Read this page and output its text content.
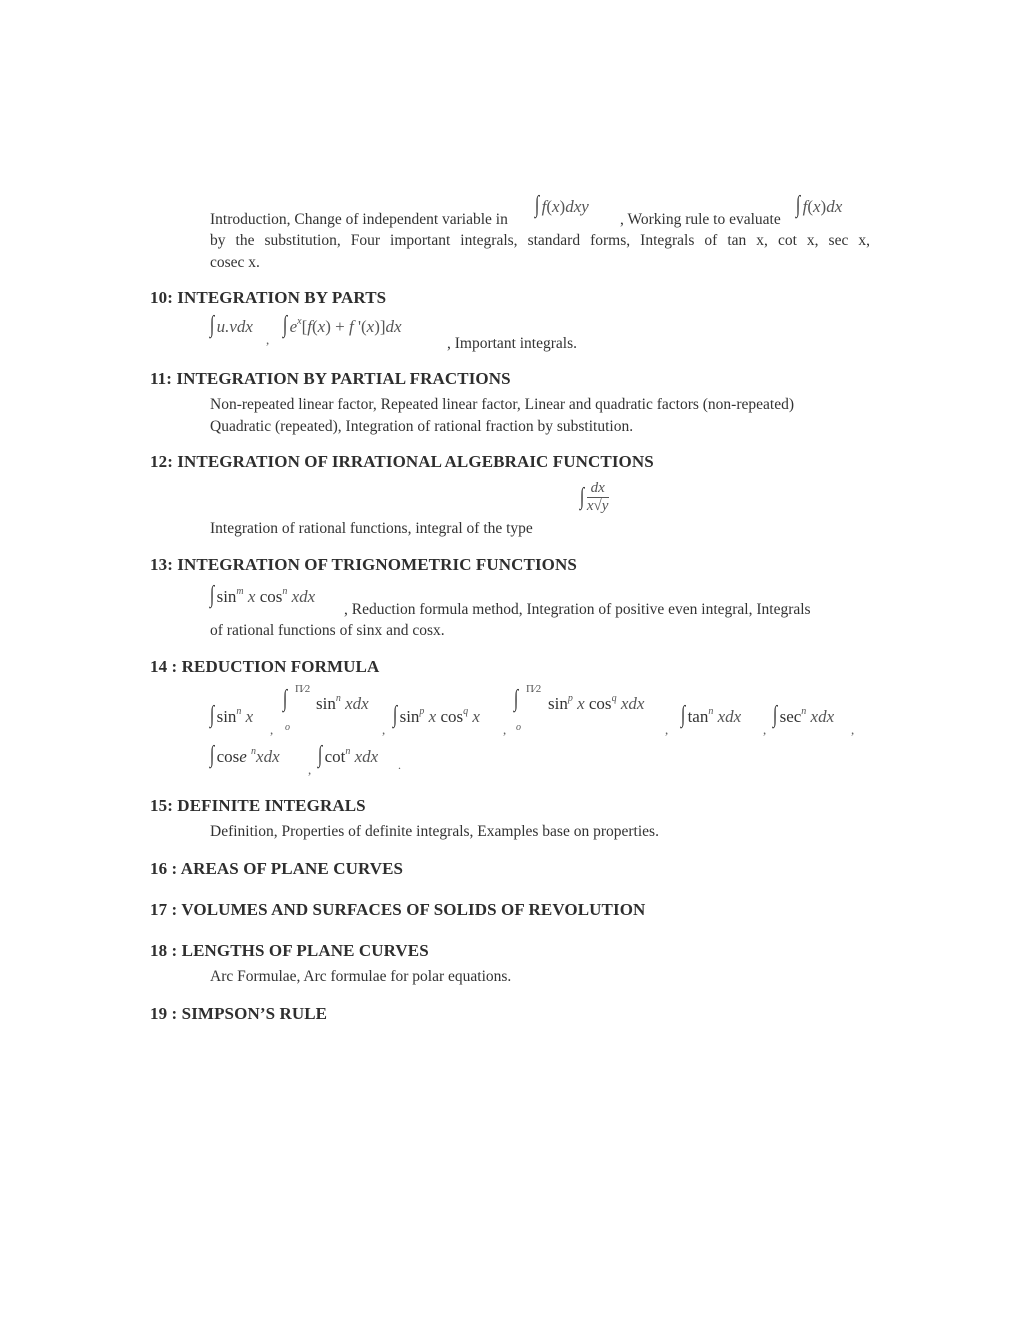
Introduction, Change of independent variable in
∫ f(x)dxy
, Working rule to evaluate
∫ f(x)dx
by the substitution, Four important integrals, standard forms, Integrals of tan x, cot x, sec x,
cosec x.
10: INTEGRATION BY PARTS
∫ u.vdx
,
∫ $e^x[f(x) + f$ '(x)]dx
, Important integrals.
11: INTEGRATION BY PARTIAL FRACTIONS
Non-repeated linear factor, Repeated linear factor, Linear and quadratic factors (non-repeated)
Quadratic (repeated), Integration of rational fraction by substitution.
12: INTEGRATION OF IRRATIONAL ALGEBRAIC FUNCTIONS
Integration of rational functions, integral of the type
∫ $\frac{dx}{x√y}$
13: INTEGRATION OF TRIGNOMETRIC FUNCTIONS
∫ $\sin^m x$ $\cos^n$ xdx
, Reduction formula method, Integration of positive even integral, Integrals
of rational functions of sinx and cosx.
14 : REDUCTION FORMULA
∫ $\sin^n x$
,
∫ Π⁄2
o
$\sin^n$ xdx
,
∫ $\sin^p x$ $\cos^q x$
,
∫ Π⁄2
o
$\sin^p x$ $\cos^q$ xdx
,
∫ $\tan^n$ xdx
,
∫ $\sec^n$ xdx
,
∫ cose $^n$xdx
,
∫ $\cot^n$ xdx .
15: DEFINITE INTEGRALS
Definition, Properties of definite integrals, Examples base on properties.
16 : AREAS OF PLANE CURVES
17 : VOLUMES AND SURFACES OF SOLIDS OF REVOLUTION
18 : LENGTHS OF PLANE CURVES
Arc Formulae, Arc formulae for polar equations.
19 : SIMPSON’S RULE
